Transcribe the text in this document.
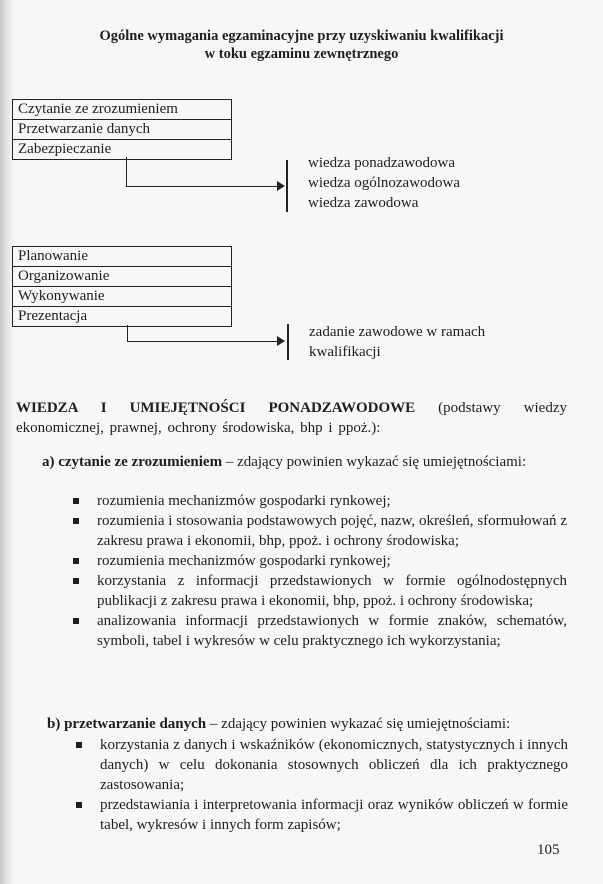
Ogólne wymagania egzaminacyjne przy uzyskiwaniu kwalifikacji
w toku egzaminu zewnętrznego
Czytanie ze zrozumieniem
Przetwarzanie danych
Zabezpieczanie
wiedza ponadzawodowa
wiedza ogólnozawodowa
wiedza zawodowa
Planowanie
Organizowanie
Wykonywanie
Prezentacja
zadanie zawodowe w ramach
kwalifikacji
WIEDZA I UMIEJĘTNOŚCI PONADZAWODOWE (podstawy wiedzy ekonomicznej, prawnej, ochrony środowiska, bhp i ppoż.):
a) czytanie ze zrozumieniem – zdający powinien wykazać się umiejętnościami:
rozumienia mechanizmów gospodarki rynkowej;
rozumienia i stosowania podstawowych pojęć, nazw, określeń, sformułowań z zakresu prawa i ekonomii, bhp, ppoż. i ochrony środowiska;
rozumienia mechanizmów gospodarki rynkowej;
korzystania z informacji przedstawionych w formie ogólnodostępnych publikacji z zakresu prawa i ekonomii, bhp, ppoż. i ochrony środowiska;
analizowania informacji przedstawionych w formie znaków, schematów, symboli, tabel i wykresów w celu praktycznego ich wykorzystania;
b) przetwarzanie danych – zdający powinien wykazać się umiejętnościami:
korzystania z danych i wskaźników (ekonomicznych, statystycznych i innych danych) w celu dokonania stosownych obliczeń dla ich praktycznego zastosowania;
przedstawiania i interpretowania informacji oraz wyników obliczeń w formie tabel, wykresów i innych form zapisów;
105
